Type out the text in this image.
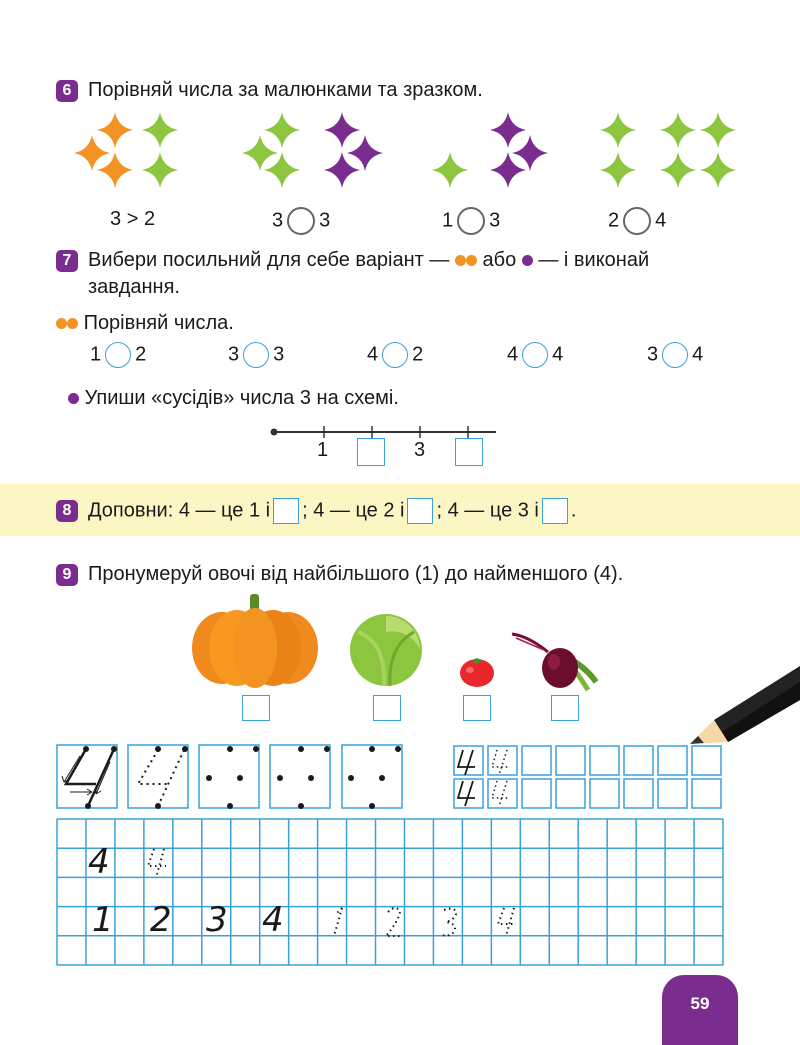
6 Порівняй числа за малюнками та зразком.
3 > 2	3 3	1 3	2 4
7 Вибери посильний для себе варіант — або — і виконай
завдання.
Порівняй числа.
1 2	3 3	4 2	4 4	3 4
Упиши «сусідів» числа 3 на схемі.
1	3
8 Доповни: 4 — це 1 і ; 4 — це 2 і ; 4 — це 3 і .
9 Пронумеруй овочі від найбільшого (1) до найменшого (4).
4
1 2 3 4
59
